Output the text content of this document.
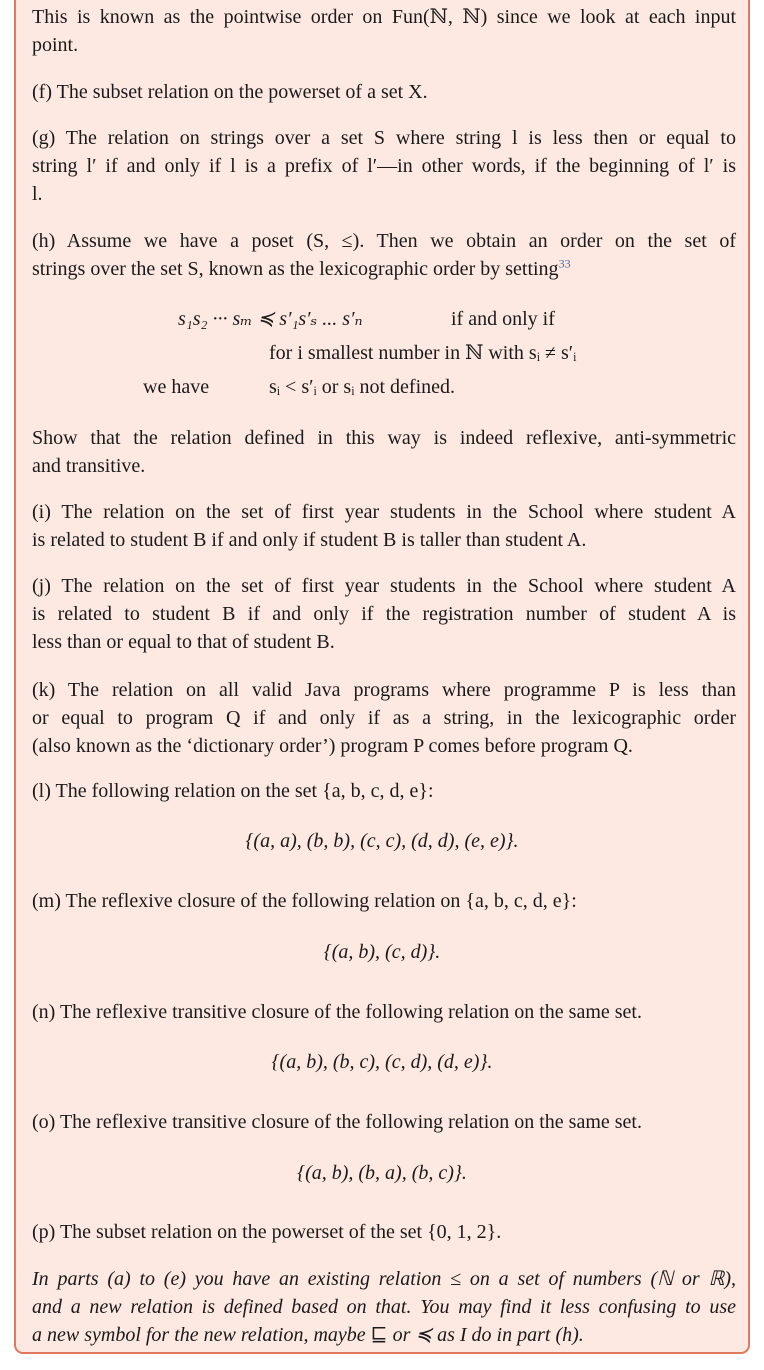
This is known as the pointwise order on Fun(ℕ, ℕ) since we look at each input
point.
(f) The subset relation on the powerset of a set X.
(g) The relation on strings over a set S where string l is less then or equal to
string l′ if and only if l is a prefix of l′—in other words, if the beginning of l′ is
l.
(h) Assume we have a poset (S, ≤). Then we obtain an order on the set of
strings over the set S, known as the lexicographic order by setting$^{33}$
s₁s₂ ··· sₘ ≼ s′₁s′ₛ ... s′ₙ	if and only if
for i smallest number in ℕ with sᵢ ≠ s′ᵢ
we have	sᵢ < s′ᵢ or sᵢ not defined.
Show that the relation defined in this way is indeed reflexive, anti-symmetric
and transitive.
(i) The relation on the set of first year students in the School where student A
is related to student B if and only if student B is taller than student A.
(j) The relation on the set of first year students in the School where student A
is related to student B if and only if the registration number of student A is
less than or equal to that of student B.
(k) The relation on all valid Java programs where programme P is less than
or equal to program Q if and only if as a string, in the lexicographic order
(also known as the ‘dictionary order’) program P comes before program Q.
(l) The following relation on the set {a, b, c, d, e}:
{(a, a), (b, b), (c, c), (d, d), (e, e)}.
(m) The reflexive closure of the following relation on {a, b, c, d, e}:
{(a, b), (c, d)}.
(n) The reflexive transitive closure of the following relation on the same set.
{(a, b), (b, c), (c, d), (d, e)}.
(o) The reflexive transitive closure of the following relation on the same set.
{(a, b), (b, a), (b, c)}.
(p) The subset relation on the powerset of the set {0, 1, 2}.
In parts (a) to (e) you have an existing relation ≤ on a set of numbers (ℕ or ℝ),
and a new relation is defined based on that. You may find it less confusing to use
a new symbol for the new relation, maybe ⊑ or ≼ as I do in part (h).
